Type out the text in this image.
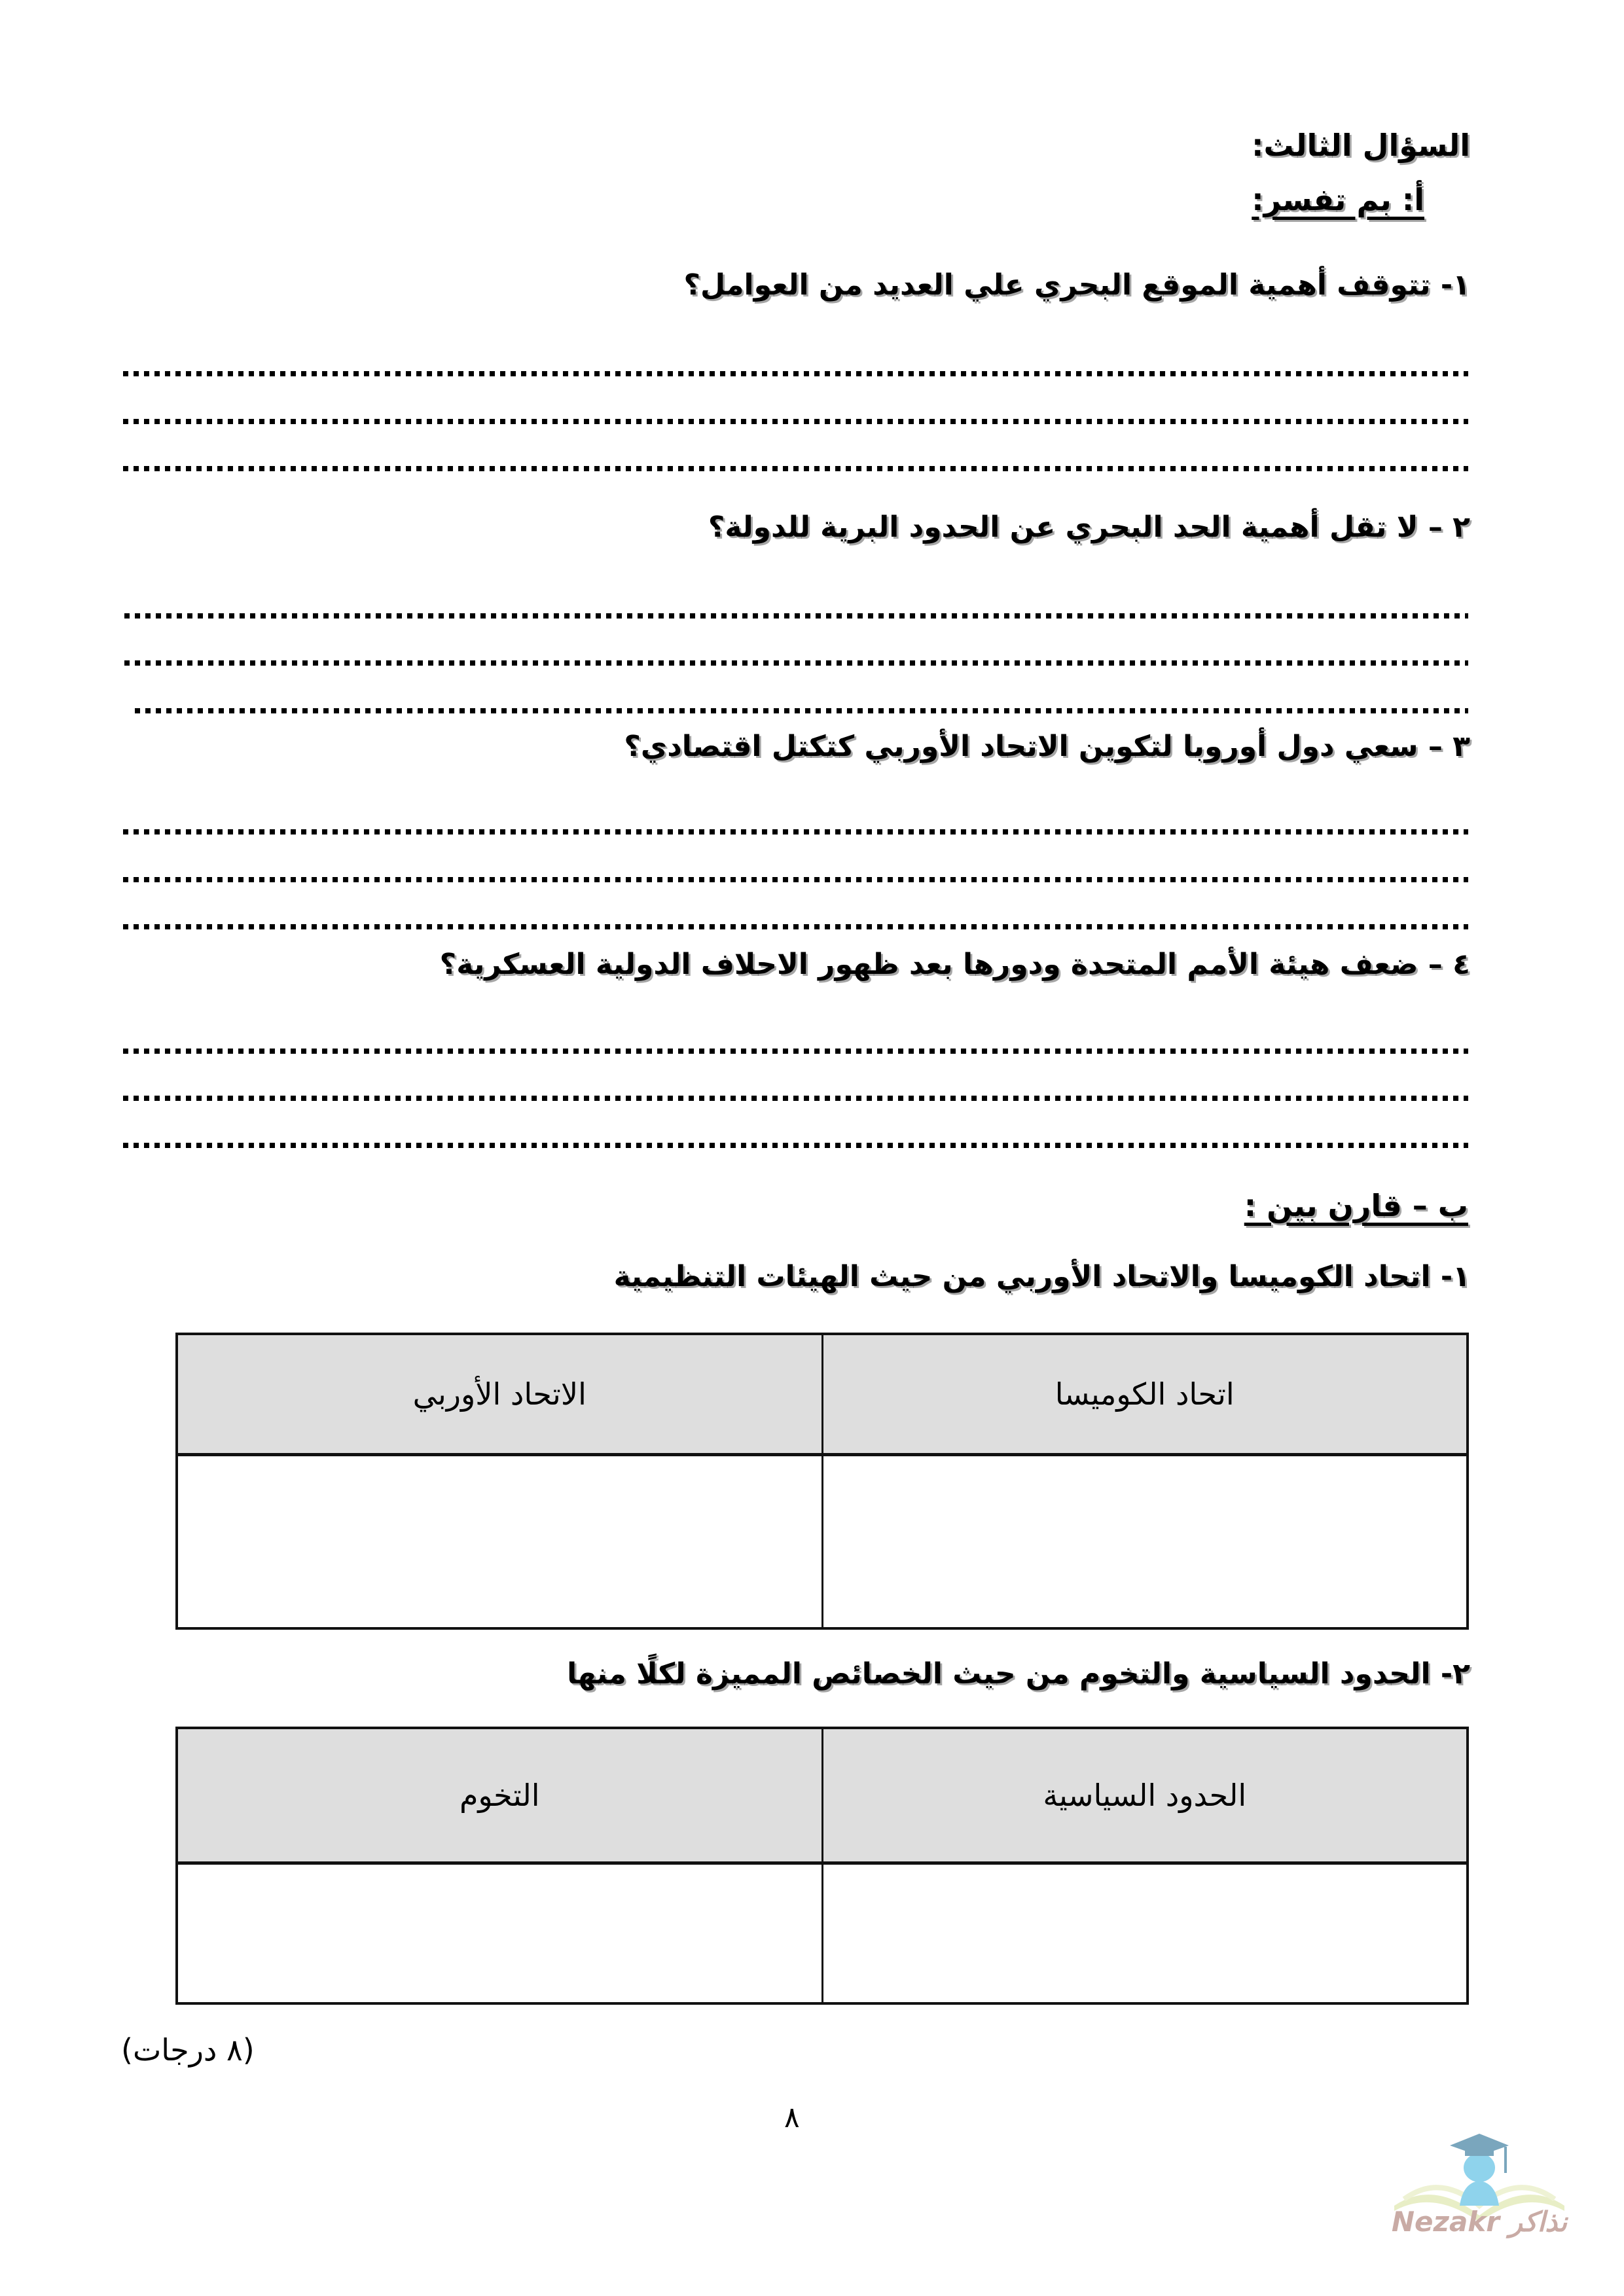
السؤال الثالث:
أ: بم تفسر:
١- تتوقف أهمية الموقع البحري علي العديد من العوامل؟
٢ – لا تقل أهمية الحد البحري عن الحدود البرية للدولة؟
٣ – سعي دول أوروبا لتكوين الاتحاد الأوربي كتكتل اقتصادي؟
٤ – ضعف هيئة الأمم المتحدة ودورها بعد ظهور الاحلاف الدولية العسكرية؟
ب – قارن بين :
١- اتحاد الكوميسا والاتحاد الأوربي من حيث الهيئات التنظيمية
اتحاد الكوميسا	الاتحاد الأوربي

٢- الحدود السياسية والتخوم من حيث الخصائص المميزة لكلًا منها
الحدود السياسية	التخوم

(٨ درجات)
٨
Nezakr نذاكر
